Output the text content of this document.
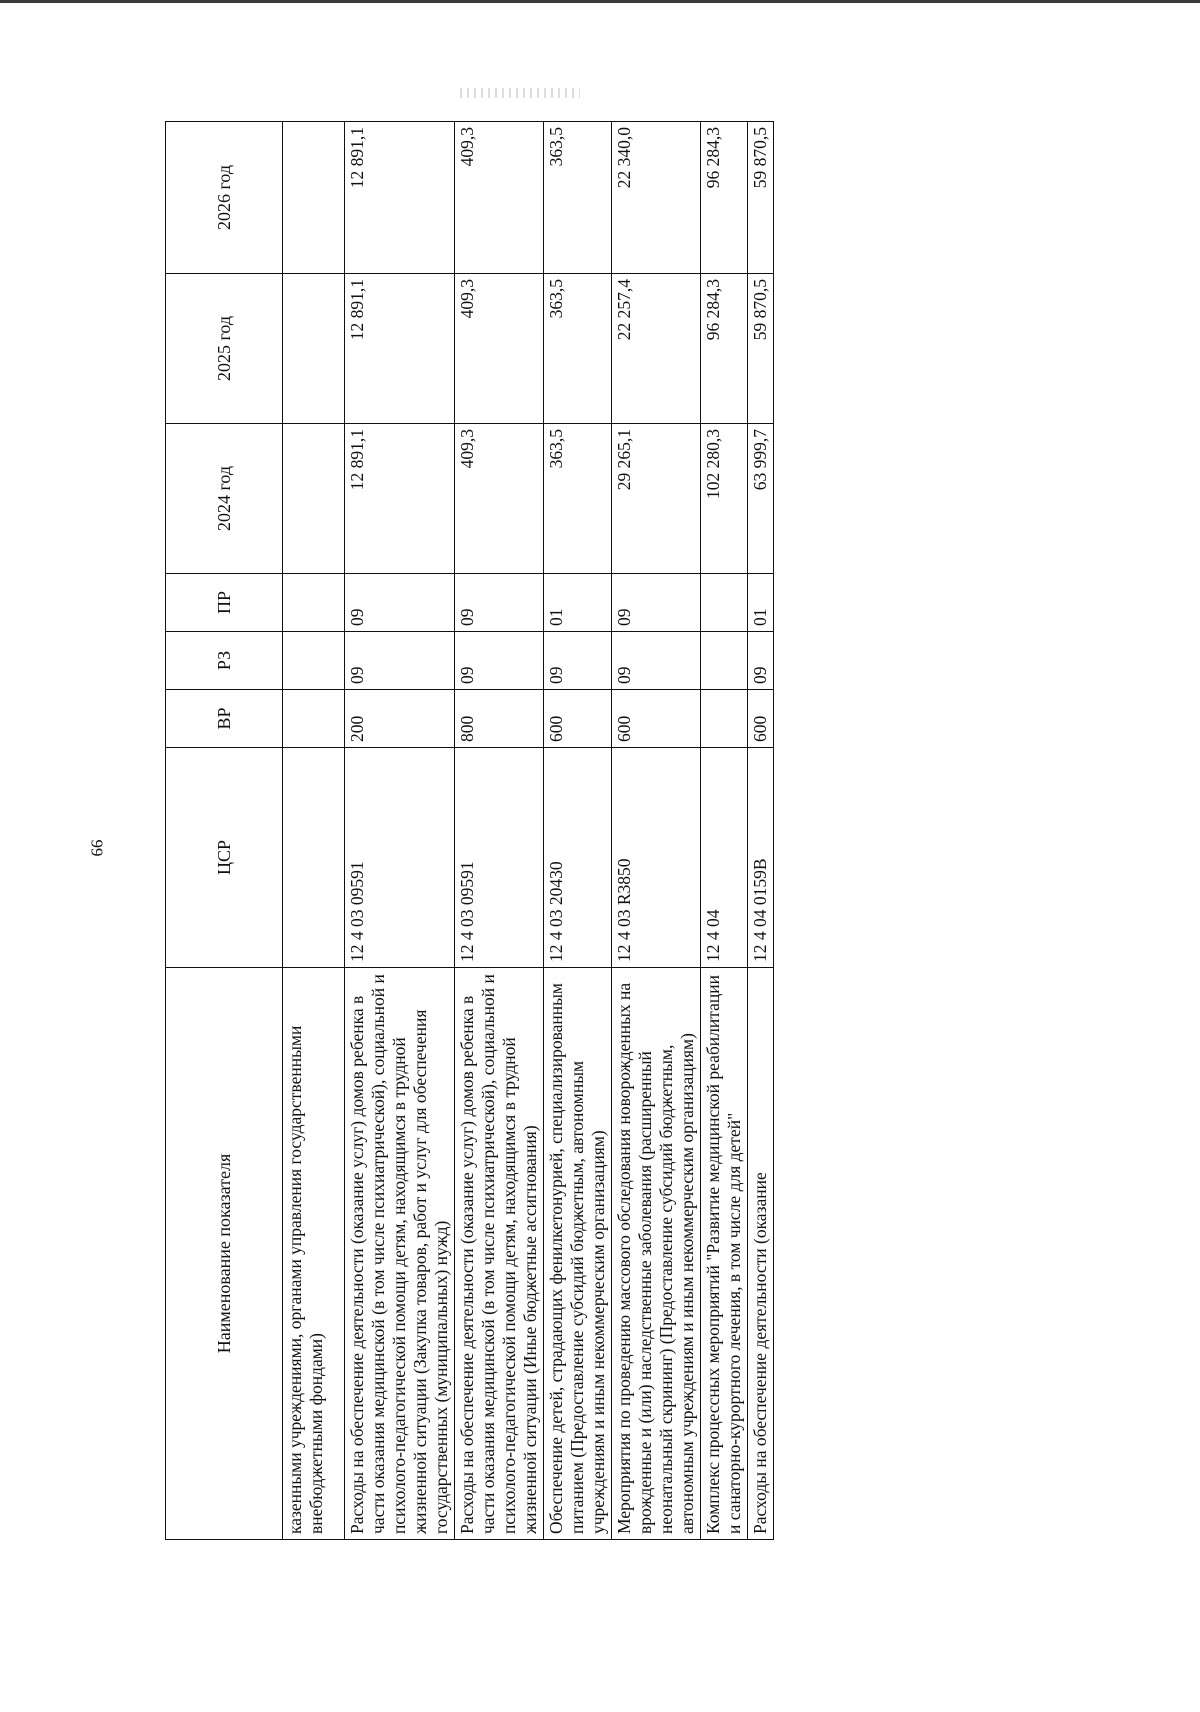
99
Наименование показателя	ЦСР	ВР	РЗ	ПР	2024 год	2025 год	2026 год
казенными учреждениями, органами управления государственными внебюджетными фондами)							
Расходы на обеспечение деятельности (оказание услуг) домов ребенка в части оказания медицинской (в том числе психиатрической), социальной и психолого-педагогической помощи детям, находящимся в трудной жизненной ситуации (Закупка товаров, работ и услуг для обеспечения государственных (муниципальных) нужд)	12 4 03 09591	200	09	09	12 891,1	12 891,1	12 891,1
Расходы на обеспечение деятельности (оказание услуг) домов ребенка в части оказания медицинской (в том числе психиатрической), социальной и психолого-педагогической помощи детям, находящимся в трудной жизненной ситуации (Иные бюджетные ассигнования)	12 4 03 09591	800	09	09	409,3	409,3	409,3
Обеспечение детей, страдающих фенилкетонурией, специализированным питанием (Предоставление субсидий бюджетным, автономным учреждениям и иным некоммерческим организациям)	12 4 03 20430	600	09	01	363,5	363,5	363,5
Мероприятия по проведению массового обследования новорожденных на врожденные и (или) наследственные заболевания (расширенный неонатальный скрининг) (Предоставление субсидий бюджетным, автономным учреждениям и иным некоммерческим организациям)	12 4 03 R3850	600	09	09	29 265,1	22 257,4	22 340,0
Комплекс процессных мероприятий "Развитие медицинской реабилитации и санаторно-курортного лечения, в том числе для детей"	12 4 04				102 280,3	96 284,3	96 284,3
Расходы на обеспечение деятельности (оказание	12 4 04 0159В	600	09	01	63 999,7	59 870,5	59 870,5
